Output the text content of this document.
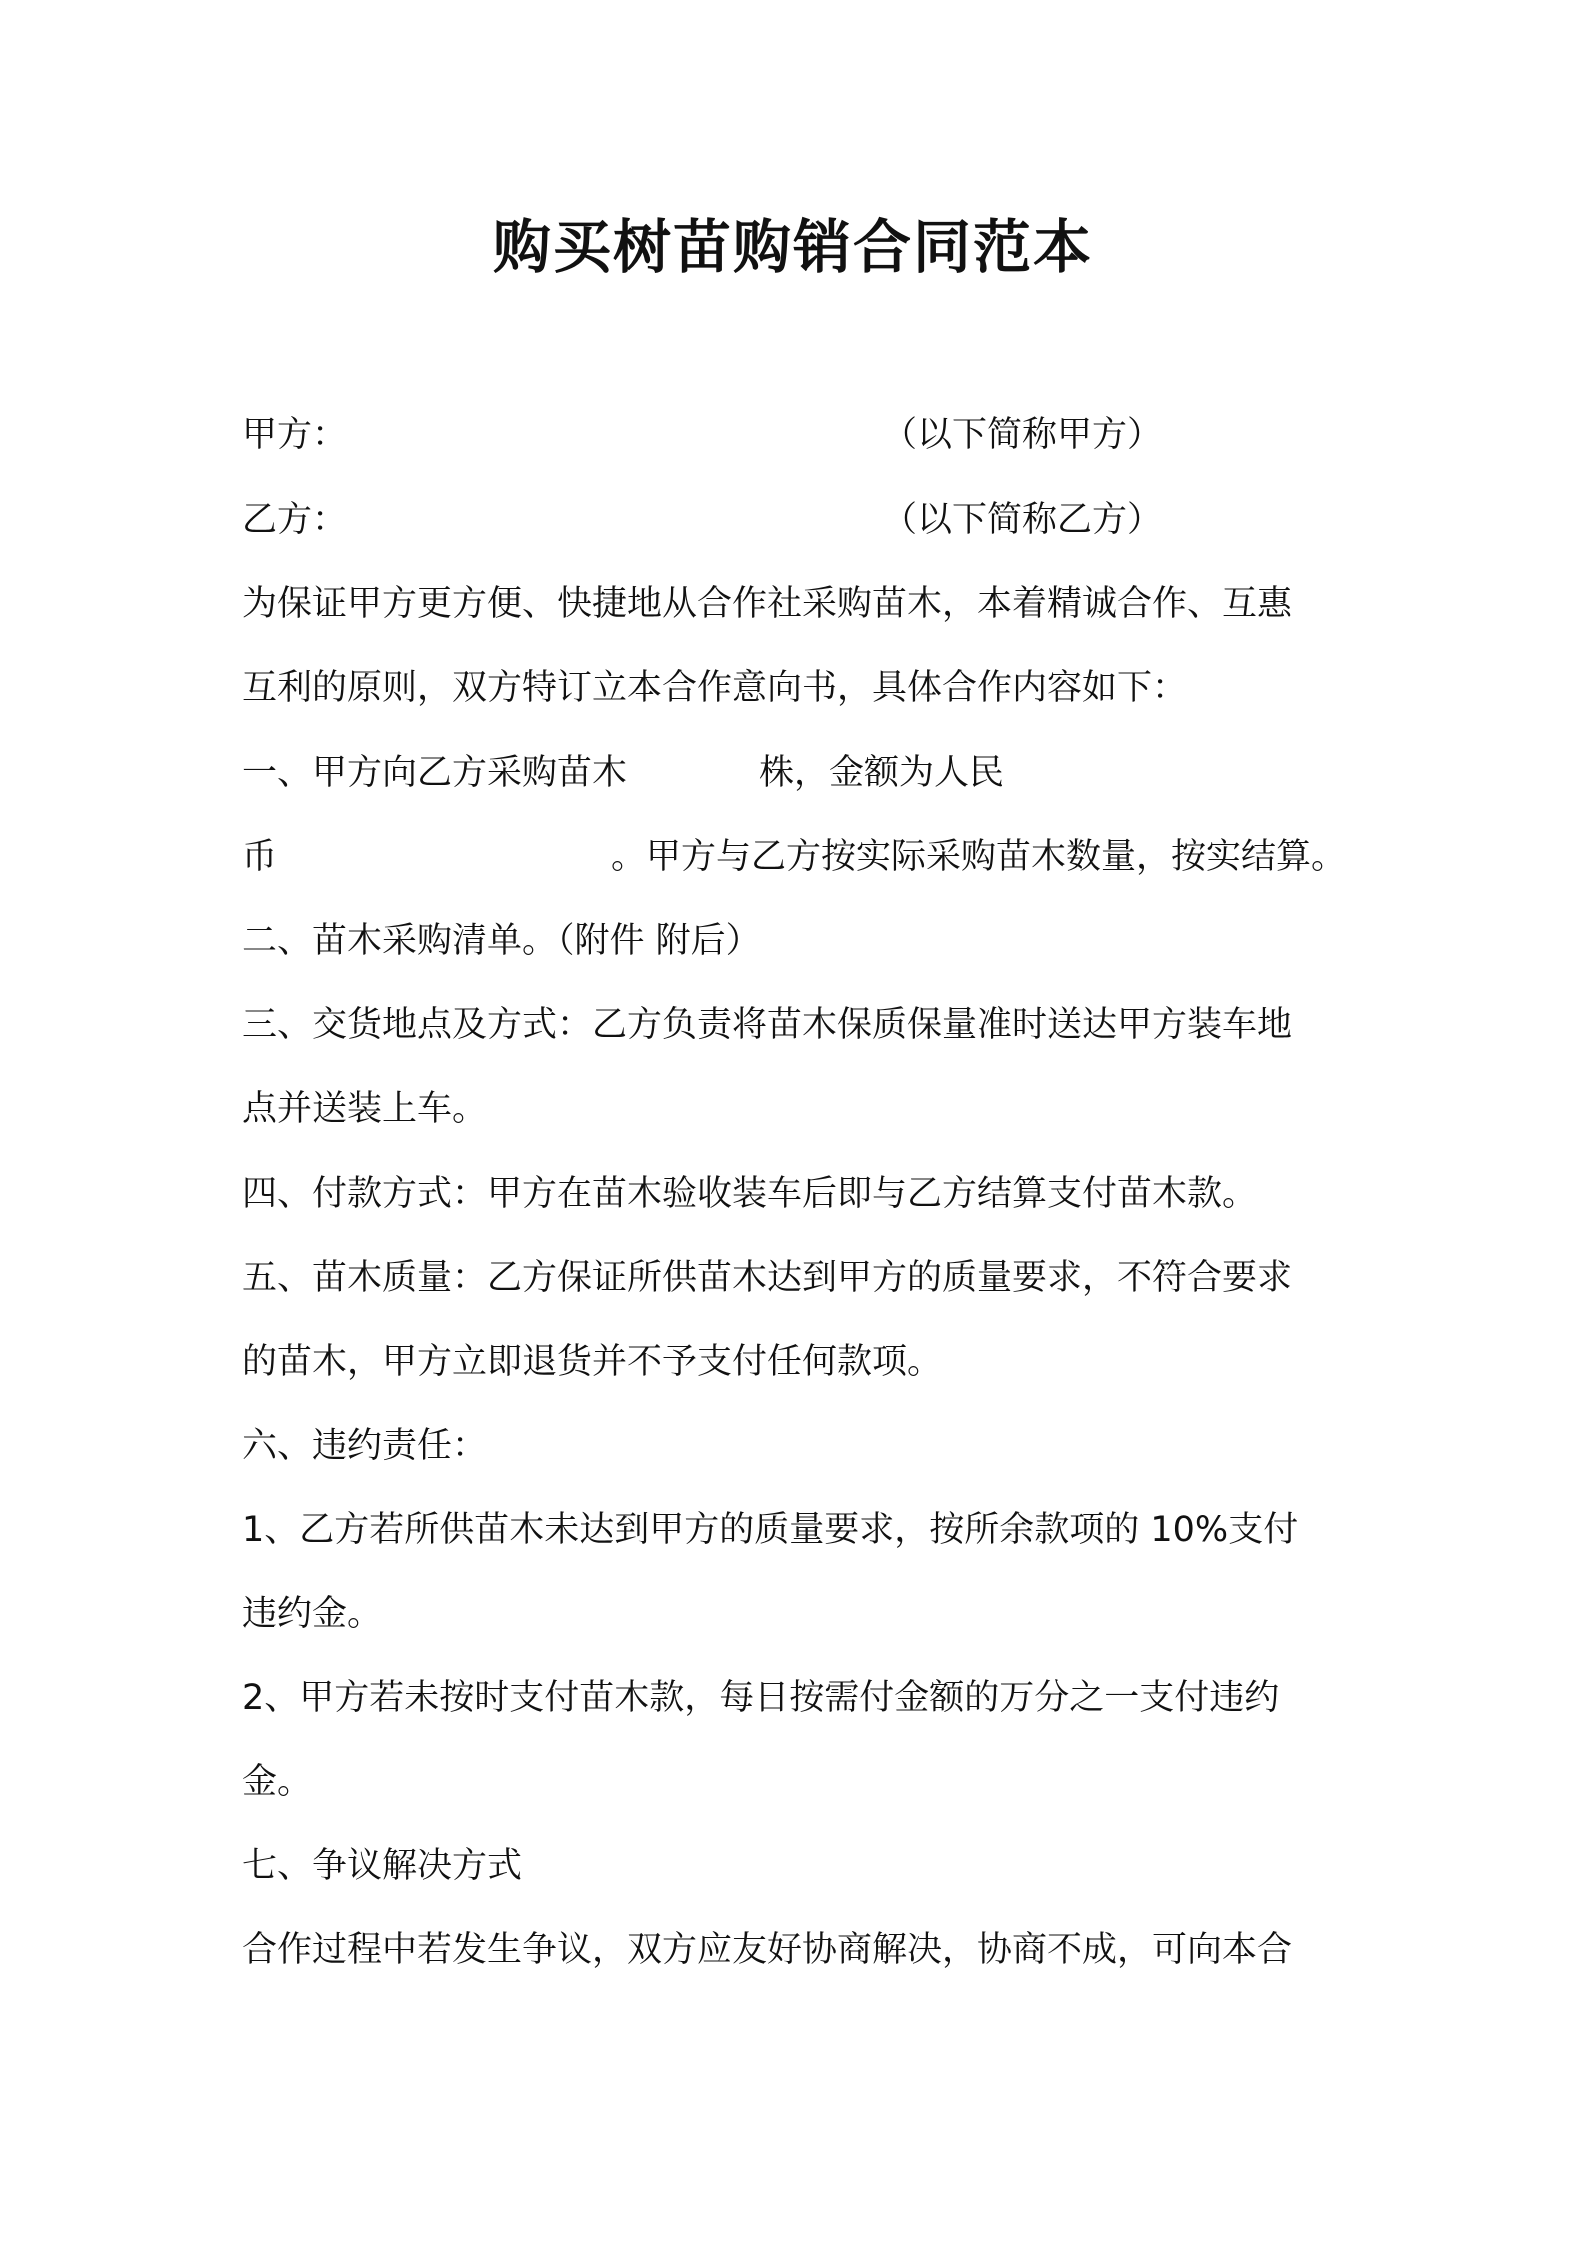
购买树苗购销合同范本
甲方：	（以下简称甲方）
乙方：	（以下简称乙方）

为保证甲方更方便、快捷地从合作社采购苗木，本着精诚合作、互惠

互利的原则，双方特订立本合作意向书，具体合作内容如下：

一、甲方向乙方采购苗木	株，金额为人民
币	。甲方与乙方按实际采购苗木数量，按实结算。

二、苗木采购清单。（附件 附后）

三、交货地点及方式：乙方负责将苗木保质保量准时送达甲方装车地

点并送装上车。

四、付款方式：甲方在苗木验收装车后即与乙方结算支付苗木款。

五、苗木质量：乙方保证所供苗木达到甲方的质量要求，不符合要求

的苗木，甲方立即退货并不予支付任何款项。

六、违约责任：

1、乙方若所供苗木未达到甲方的质量要求，按所余款项的 10%支付

违约金。

2、甲方若未按时支付苗木款，每日按需付金额的万分之一支付违约

金。

七、争议解决方式

合作过程中若发生争议，双方应友好协商解决，协商不成，可向本合
